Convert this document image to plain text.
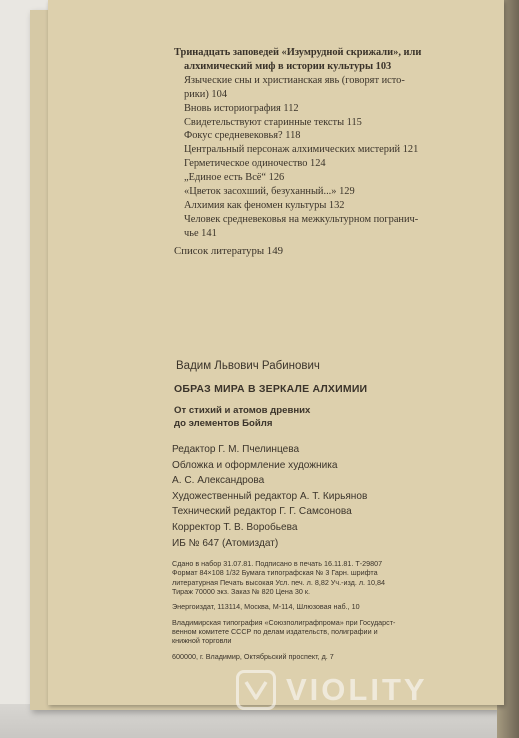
Тринадцать заповедей «Изумрудной скрижали», или
алхимический миф в истории культуры 103
Языческие сны и христианская явь (говорят исто-
рики) 104
Вновь историография 112
Свидетельствуют старинные тексты 115
Фокус средневековья? 118
Центральный персонаж алхимических мистерий 121
Герметическое одиночество 124
„Единое есть Всё“ 126
«Цветок засохший, безуханный...» 129
Алхимия как феномен культуры 132
Человек средневековья на межкультурном погранич-
чье 141
Список литературы 149
Вадим Львович Рабинович
ОБРАЗ МИРА В ЗЕРКАЛЕ АЛХИМИИ
От стихий и атомов древних
до элементов Бойля
Редактор Г. М. Пчелинцева
Обложка и оформление художника
А. С. Александрова
Художественный редактор А. Т. Кирьянов
Технический редактор Г. Г. Самсонова
Корректор Т. В. Воробьева
ИБ № 647 (Атомиздат)
Сдано в набор 31.07.81. Подписано в печать 16.11.81. Т-29807
Формат 84×108 1/32 Бумага типографская № 3 Гарн. шрифта
литературная Печать высокая Усл. печ. л. 8,82 Уч.-изд. л. 10,84
Тираж 70000 экз. Заказ № 820 Цена 30 к.
Энергоиздат, 113114, Москва, М-114, Шлюзовая наб., 10
Владимирская типография «Союзполиграфпрома» при Государст-
венном комитете СССР по делам издательств, полиграфии и
книжной торговли
600000, г. Владимир, Октябрьский проспект, д. 7
VIOLITY
